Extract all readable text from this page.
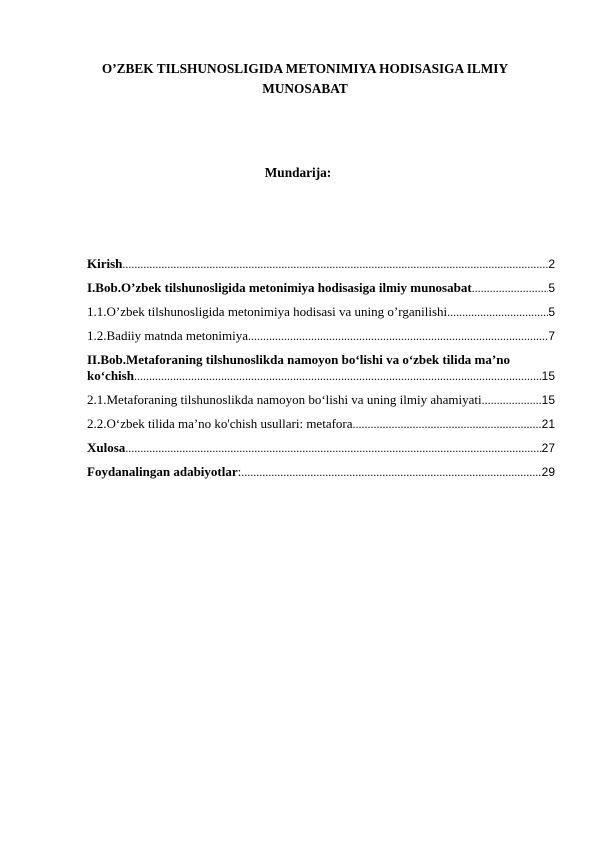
O’ZBEK TILSHUNOSLIGIDA METONIMIYA HODISASIGA ILMIY MUNOSABAT
Mundarija:
Kirish .....	2
I.Bob.O’zbek tilshunosligida metonimiya hodisasiga ilmiy munosabat .....	5
1.1.O’zbek tilshunosligida metonimiya hodisasi va uning o’rganilishi .....	5
1.2.Badiiy matnda metonimiya .....	7
II.Bob.Metaforaning tilshunoslikda namoyon bo‘lishi va o‘zbek tilida ma’no
ko‘chish .....	15
2.1.Metaforaning tilshunoslikda namoyon bo‘lishi va uning ilmiy ahamiyati .....	15
2.2.O‘zbek tilida ma’no ko'chish usullari: metafora .....	21
Xulosa .....	27
Foydanalingan adabiyotlar : .....	29
